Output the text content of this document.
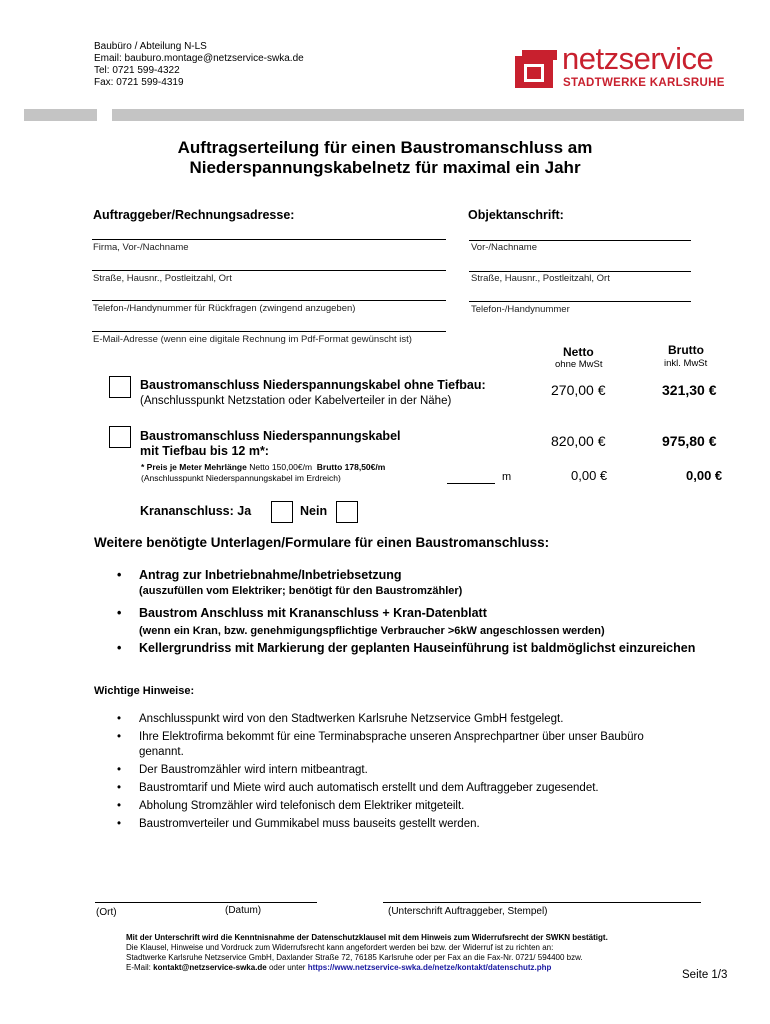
Baubüro / Abteilung N-LS
Email: bauburo.montage@netzservice-swka.de
Tel: 0721 599-4322
Fax: 0721 599-4319
netzservice
STADTWERKE KARLSRUHE
Auftragserteilung für einen Baustromanschluss am
Niederspannungskabelnetz für maximal ein Jahr
Auftraggeber/Rechnungsadresse:	Objektanschrift:
Firma, Vor-/Nachname
Straße, Hausnr., Postleitzahl, Ort
Telefon-/Handynummer für Rückfragen (zwingend anzugeben)
E-Mail-Adresse (wenn eine digitale Rechnung im Pdf-Format gewünscht ist)
Vor-/Nachname
Straße, Hausnr., Postleitzahl, Ort
Telefon-/Handynummer
Netto
ohne MwSt
Brutto
inkl. MwSt
Baustromanschluss Niederspannungskabel ohne Tiefbau:
(Anschlusspunkt Netzstation oder Kabelverteiler in der Nähe)
270,00 €	321,30 €
Baustromanschluss Niederspannungskabel
mit Tiefbau bis 12 m*:
820,00 €	975,80 €
* Preis je Meter Mehrlänge Netto 150,00€/m Brutto 178,50€/m
(Anschlusspunkt Niederspannungskabel im Erdreich)	m	0,00 €	0,00 €
Krananschluss: Ja	Nein
Weitere benötigte Unterlagen/Formulare für einen Baustromanschluss:
• Antrag zur Inbetriebnahme/Inbetriebsetzung
(auszufüllen vom Elektriker; benötigt für den Baustromzähler)
• Baustrom Anschluss mit Krananschluss + Kran-Datenblatt
(wenn ein Kran, bzw. genehmigungspflichtige Verbraucher >6kW angeschlossen werden)
• Kellergrundriss mit Markierung der geplanten Hauseinführung ist baldmöglichst einzureichen
Wichtige Hinweise:
• Anschlusspunkt wird von den Stadtwerken Karlsruhe Netzservice GmbH festgelegt.
• Ihre Elektrofirma bekommt für eine Terminabsprache unseren Ansprechpartner über unser Baubüro genannt.
• Der Baustromzähler wird intern mitbeantragt.
• Baustromtarif und Miete wird auch automatisch erstellt und dem Auftraggeber zugesendet.
• Abholung Stromzähler wird telefonisch dem Elektriker mitgeteilt.
• Baustromverteiler und Gummikabel muss bauseits gestellt werden.
(Ort)	(Datum)	(Unterschrift Auftraggeber, Stempel)
Mit der Unterschrift wird die Kenntnisnahme der Datenschutzklausel mit dem Hinweis zum Widerrufsrecht der SWKN bestätigt.
Die Klausel, Hinweise und Vordruck zum Widerrufsrecht kann angefordert werden bei bzw. der Widerruf ist zu richten an:
Stadtwerke Karlsruhe Netzservice GmbH, Daxlander Straße 72, 76185 Karlsruhe oder per Fax an die Fax-Nr. 0721/ 594400 bzw.
E-Mail: kontakt@netzservice-swka.de oder unter https://www.netzservice-swka.de/netze/kontakt/datenschutz.php
Seite 1/3
